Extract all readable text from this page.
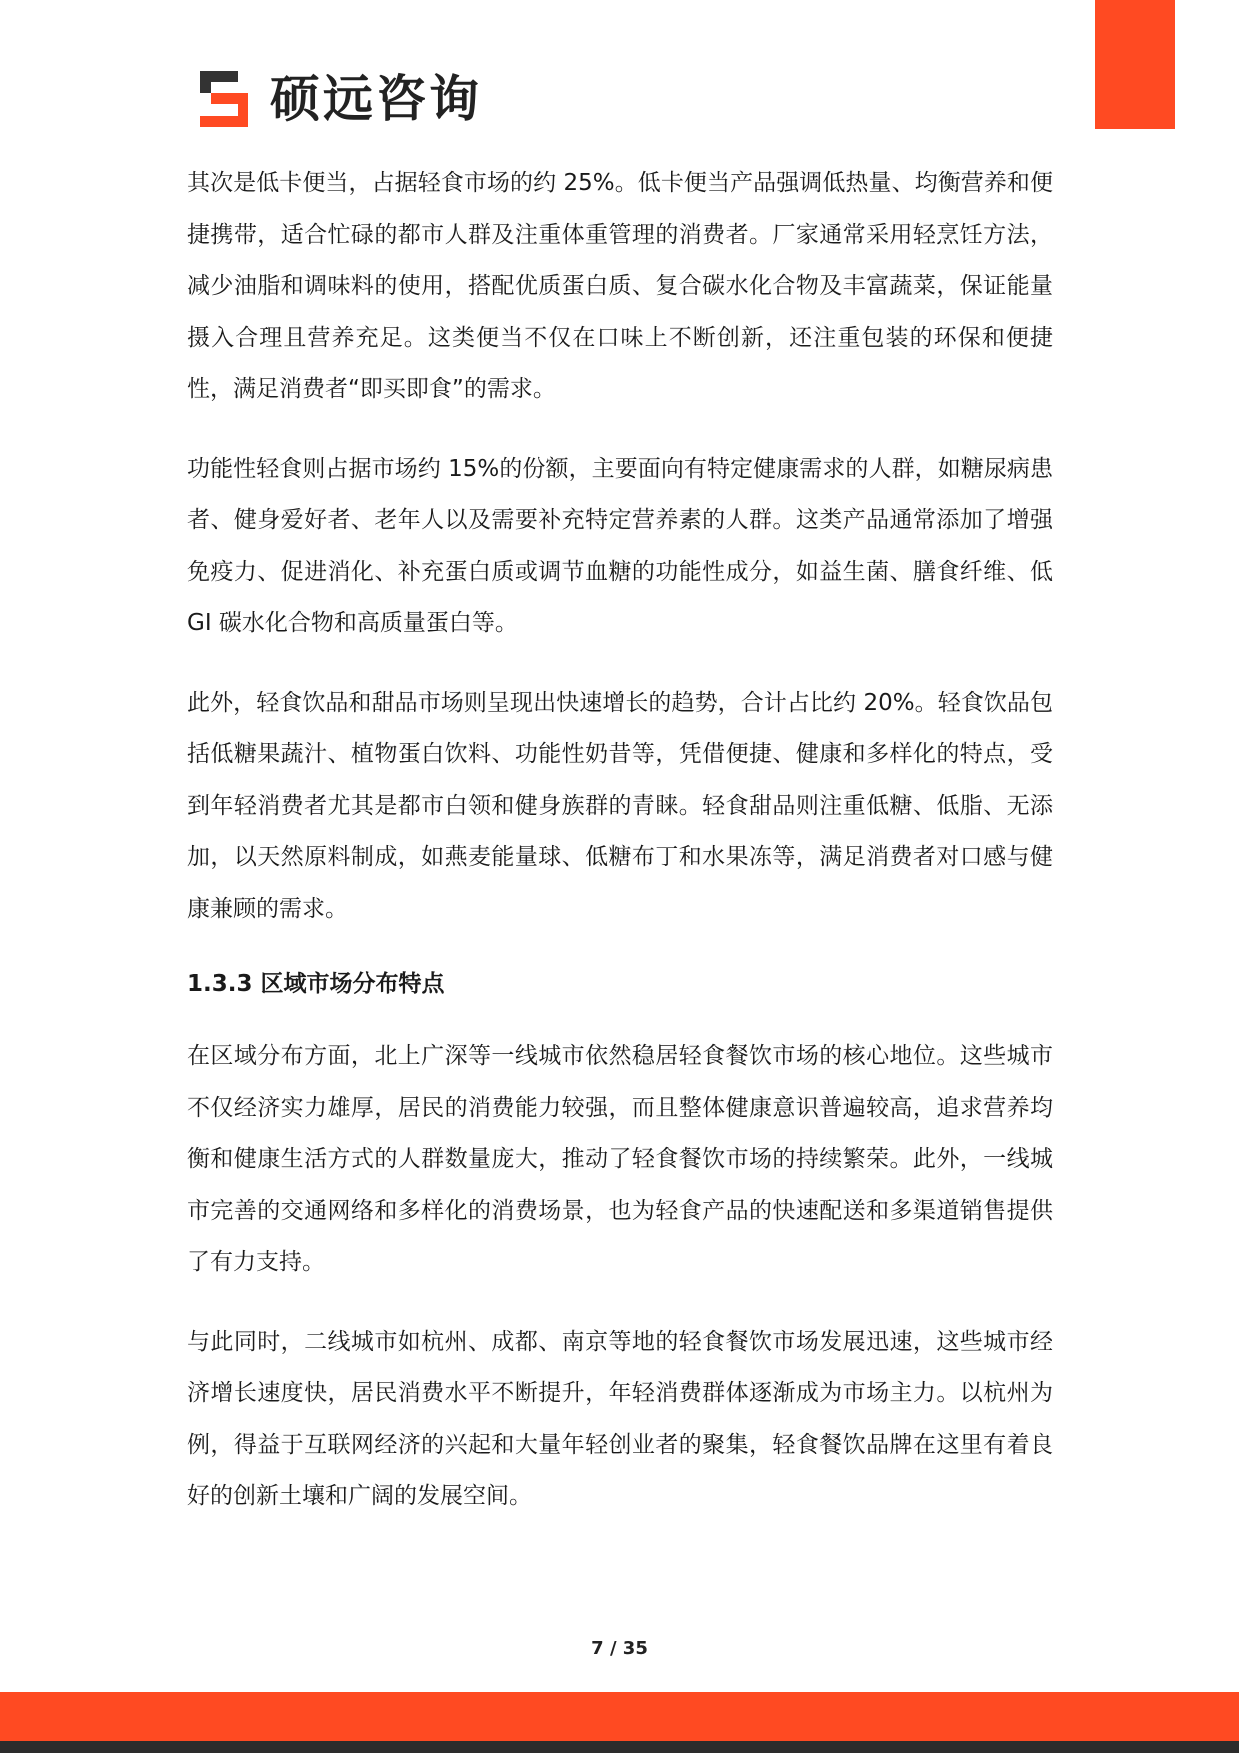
硕远咨询

其次是低卡便当，占据轻食市场的约 25%。低卡便当产品强调低热量、均衡营养和便捷携带，适合忙碌的都市人群及注重体重管理的消费者。厂家通常采用轻烹饪方法，减少油脂和调味料的使用，搭配优质蛋白质、复合碳水化合物及丰富蔬菜，保证能量摄入合理且营养充足。这类便当不仅在口味上不断创新，还注重包装的环保和便捷性，满足消费者“即买即食”的需求。

功能性轻食则占据市场约 15%的份额，主要面向有特定健康需求的人群，如糖尿病患者、健身爱好者、老年人以及需要补充特定营养素的人群。这类产品通常添加了增强免疫力、促进消化、补充蛋白质或调节血糖的功能性成分，如益生菌、膳食纤维、低 GI 碳水化合物和高质量蛋白等。

此外，轻食饮品和甜品市场则呈现出快速增长的趋势，合计占比约 20%。轻食饮品包括低糖果蔬汁、植物蛋白饮料、功能性奶昔等，凭借便捷、健康和多样化的特点，受到年轻消费者尤其是都市白领和健身族群的青睐。轻食甜品则注重低糖、低脂、无添加，以天然原料制成，如燕麦能量球、低糖布丁和水果冻等，满足消费者对口感与健康兼顾的需求。

1.3.3 区域市场分布特点

在区域分布方面，北上广深等一线城市依然稳居轻食餐饮市场的核心地位。这些城市不仅经济实力雄厚，居民的消费能力较强，而且整体健康意识普遍较高，追求营养均衡和健康生活方式的人群数量庞大，推动了轻食餐饮市场的持续繁荣。此外，一线城市完善的交通网络和多样化的消费场景，也为轻食产品的快速配送和多渠道销售提供了有力支持。

与此同时，二线城市如杭州、成都、南京等地的轻食餐饮市场发展迅速，这些城市经济增长速度快，居民消费水平不断提升，年轻消费群体逐渐成为市场主力。以杭州为例，得益于互联网经济的兴起和大量年轻创业者的聚集，轻食餐饮品牌在这里有着良好的创新土壤和广阔的发展空间。

7 / 35
